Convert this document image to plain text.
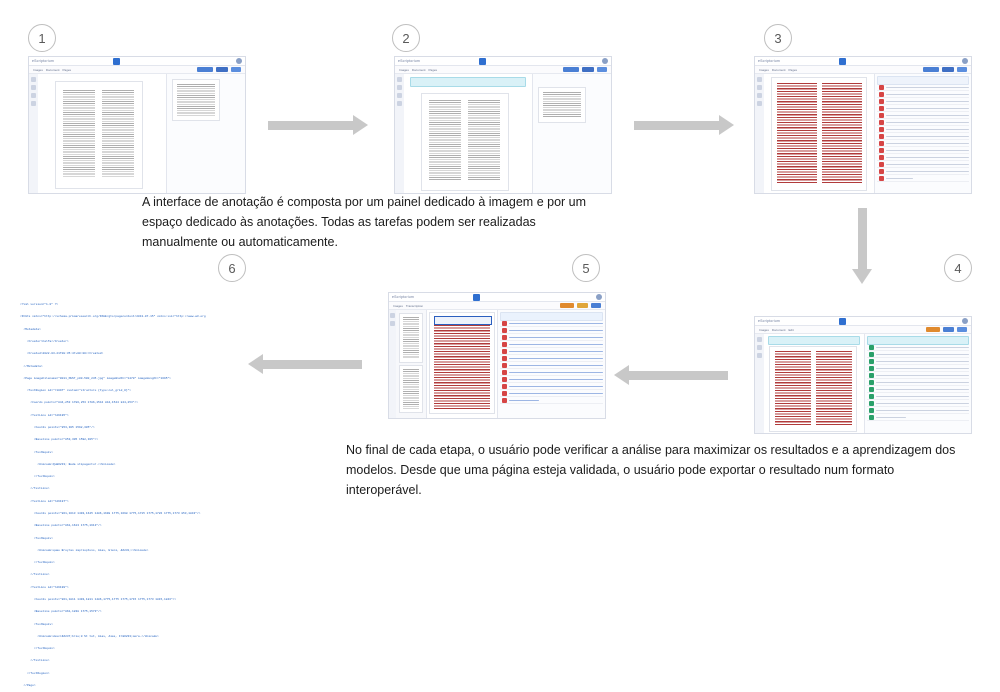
1
eScriptorium
Images Document Pages
2
eScriptorium
Images Document Pages
3
eScriptorium
Images Document Pages
A interface de anotação é composta por um painel dedicado à imagem e por um espaço dedicado às anotações. Todas as tarefas podem ser realizadas manualmente ou automaticamente.
4
eScriptorium
Images Document Edit
5
eScriptorium
Images Transcription
6

<?xml version="1.0" ?>

<PcGts xmlns="http://schema.primaresearch.org/PAGE/gts/pagecontent/2013-07-15" xmlns:xsi="http://www.w3.org

<Metadata>

<Creator>Calfa</Creator>

<Created>2022-03-21T08:35:47+00:00</Created>

</Metadata>

<Page imageFilename="0011_PEST_p00-500_245.jpg" imageWidth="1470" imageHeight="1695">

<TextRegion id="r1097" custom="structure {type:col_grid_0}">

<Coords points="844,253 1786,253 1786,1544 844,1544 844,253"/>

<TextLine id="l26195">

<Coords points="853,305 1592,305"/>

<Baseline points="853,305 1592,305"/>

<TextEquiv>

<Unicode>Qu&#233; Beda stipagentur.</Unicode>

</TextEquiv>

</TextLine>

<TextLine id="l26197">

<Coords points="861,1613 1493,1645 1486,1698 1775,1698 1775,1715 1775,1726 1775,1773 853,1843"/>

<Baseline points="861,1613 1775,1613"/>

<TextEquiv>

<Unicode>quae Bruyras impriuptuis, Aias, Eleni, &#231;</Unicode>

</TextEquiv>

</TextLine>

<TextLine id="l26199">

<Coords points="861,1811 1493,1811 1486,1775,1775 1775,1715 1775,1773 1815,1843"/>

<Baseline points="861,1838 1775,1573"/>

<TextEquiv>

<Unicode>descr&#237;brie;0 St tot, Aias, Aias, Fr&#233;mera.</Unicode>

</TextEquiv>

</TextLine>

</TextRegion>

</Page>

No final de cada etapa, o usuário pode verificar a análise para maximizar os resultados e a aprendizagem dos modelos. Desde que uma página esteja validada, o usuário pode exportar o resultado num formato interoperável.
